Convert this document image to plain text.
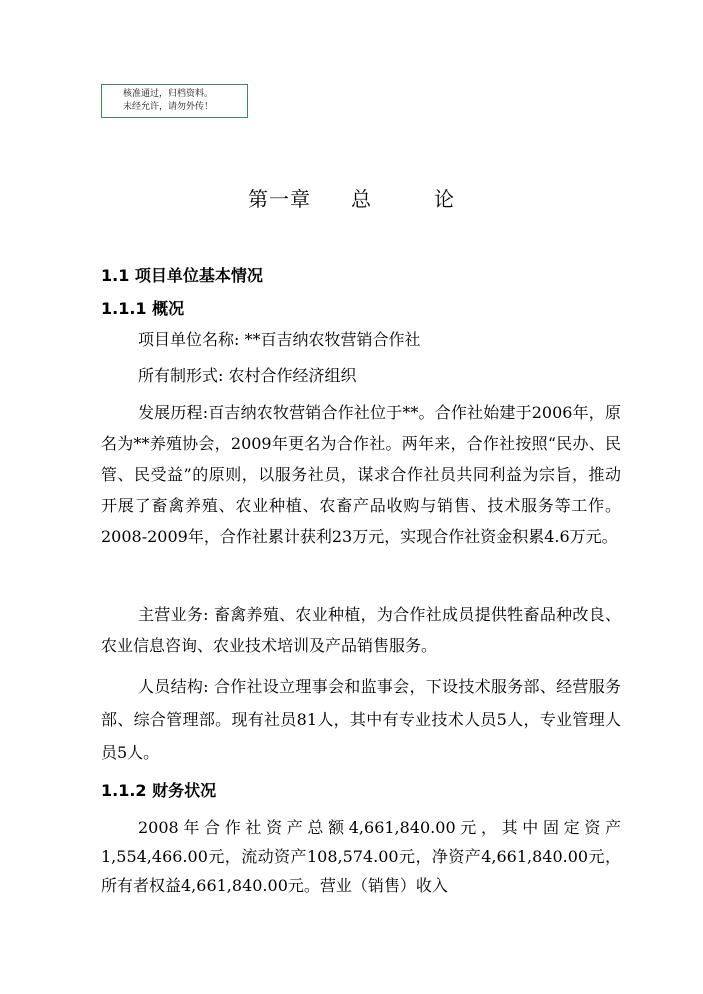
核准通过，归档资料。
未经允许，请勿外传！
第一章 总	论
1.1 项目单位基本情况
1.1.1 概况
项目单位名称: **百吉纳农牧营销合作社
所有制形式: 农村合作经济组织
发展历程:百吉纳农牧营销合作社位于**。合作社始建于2006年，原名为**养殖协会，2009年更名为合作社。两年来，合作社按照“民办、民管、民受益”的原则，以服务社员，谋求合作社员共同利益为宗旨，推动开展了畜禽养殖、农业种植、农畜产品收购与销售、技术服务等工作。2008-2009年，合作社累计获利23万元，实现合作社资金积累4.6万元。
主营业务: 畜禽养殖、农业种植，为合作社成员提供牲畜品种改良、农业信息咨询、农业技术培训及产品销售服务。
人员结构: 合作社设立理事会和监事会，下设技术服务部、经营服务部、综合管理部。现有社员81人，其中有专业技术人员5人，专业管理人员5人。
1.1.2 财务状况
2008年合作社资产总额4,661,840.00元，其中固定资产1,554,466.00元，流动资产108,574.00元，净资产4,661,840.00元，所有者权益4,661,840.00元。营业（销售）收入
